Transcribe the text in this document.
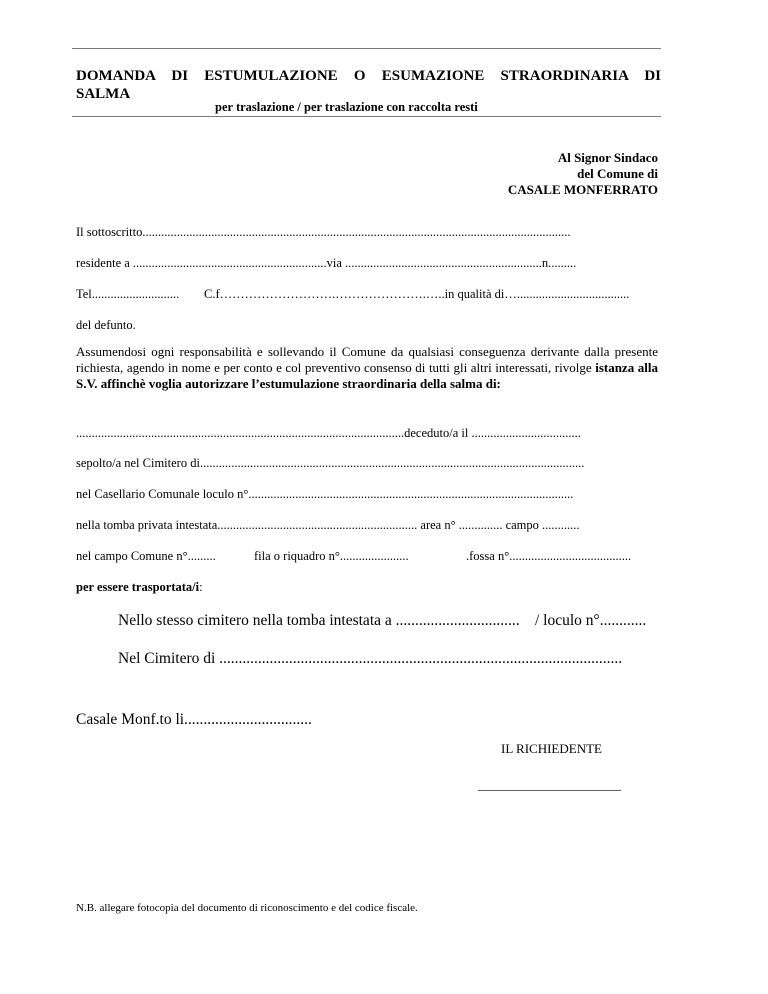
DOMANDA DI ESTUMULAZIONE O ESUMAZIONE STRAORDINARIA DI
SALMA
per traslazione / per traslazione con raccolta resti
Al Signor Sindaco
del Comune di
CASALE MONFERRATO
Il sottoscritto.........................................................................................................................................
residente a ..............................................................via ...............................................................n.........
Tel............................ C.f……………………….………………….…..in qualità di…....................................
del defunto.
Assumendosi ogni responsabilità e sollevando il Comune da qualsiasi conseguenza derivante dalla presente richiesta, agendo in nome e per conto e col preventivo consenso di tutti gli altri interessati, rivolge istanza alla S.V. affinchè voglia autorizzare l’estumulazione straordinaria della salma di:
.........................................................................................................deceduto/a il ...................................
sepolto/a nel Cimitero di...........................................................................................................................
nel Casellario Comunale loculo n°........................................................................................................
nella tomba privata intestata................................................................ area n° .............. campo ............
nel campo Comune n°.........	fila o riquadro n°......................	.fossa n°.......................................
per essere trasportata/i:
Nello stesso cimitero nella tomba intestata a ................................ / loculo n°............
Nel Cimitero di ........................................................................................................
Casale Monf.to li.................................
IL RICHIEDENTE
______________________
N.B. allegare fotocopia del documento di riconoscimento e del codice fiscale.
